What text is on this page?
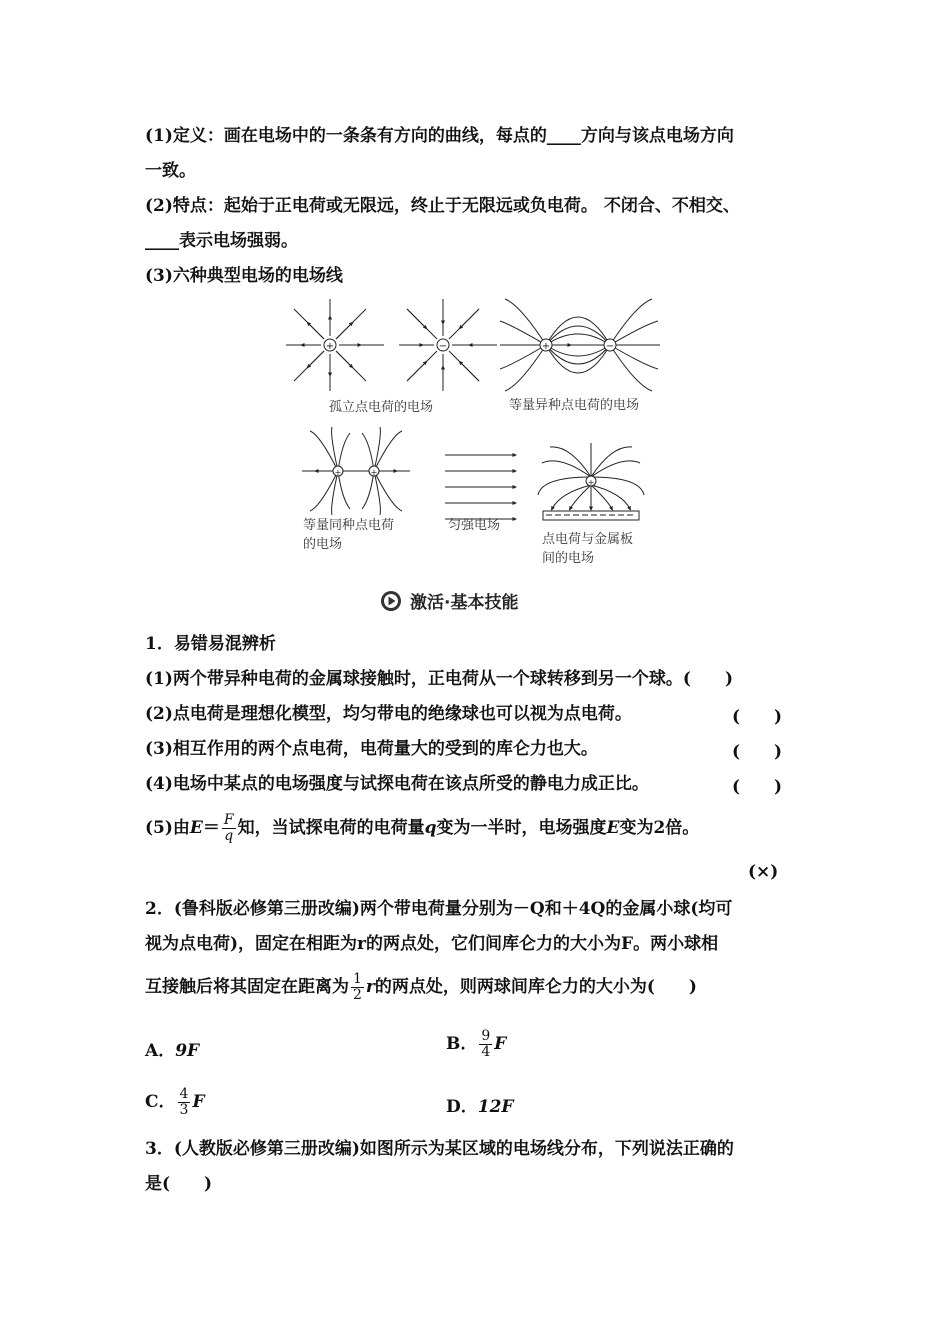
(1)定义：画在电场中的一条条有方向的曲线，每点的____方向与该点电场方向
一致。
(2)特点：起始于正电荷或无限远，终止于无限远或负电荷。 不闭合、不相交、
____表示电场强弱。
(3)六种典型电场的电场线
+	−	+	−
+	+
+
孤立点电荷的电场	等量异种点电荷的电场
等量同种点电荷
的电场
匀强电场
点电荷与金属板
间的电场
激活·基本技能
1．易错易混辨析
(1)两个带异种电荷的金属球接触时，正电荷从一个球转移到另一个球。(　　)
(2)点电荷是理想化模型，均匀带电的绝缘球也可以视为点电荷。	(　　)
(3)相互作用的两个点电荷，电荷量大的受到的库仑力也大。	(　　)
(4)电场中某点的电场强度与试探电荷在该点所受的静电力成正比。	(　　)
(5)由$E= \frac{F}{q}$ 知，当试探电荷的电荷量q变为一半时，电场强度E变为2倍。
(×)
2．(鲁科版必修第三册改编)两个带电荷量分别为－Q和＋4Q的金属小球(均可
视为点电荷)，固定在相距为r的两点处，它们间库仑力的大小为F。两小球相
互接触后将其固定在距离为 $\frac{1}{2}$ r的两点处，则两球间库仑力的大小为(　　)
A．9F	B． $\frac{9}{4}$ F
C． $\frac{4}{3}$ F	D．12F
3．(人教版必修第三册改编)如图所示为某区域的电场线分布，下列说法正确的
是(　　)
